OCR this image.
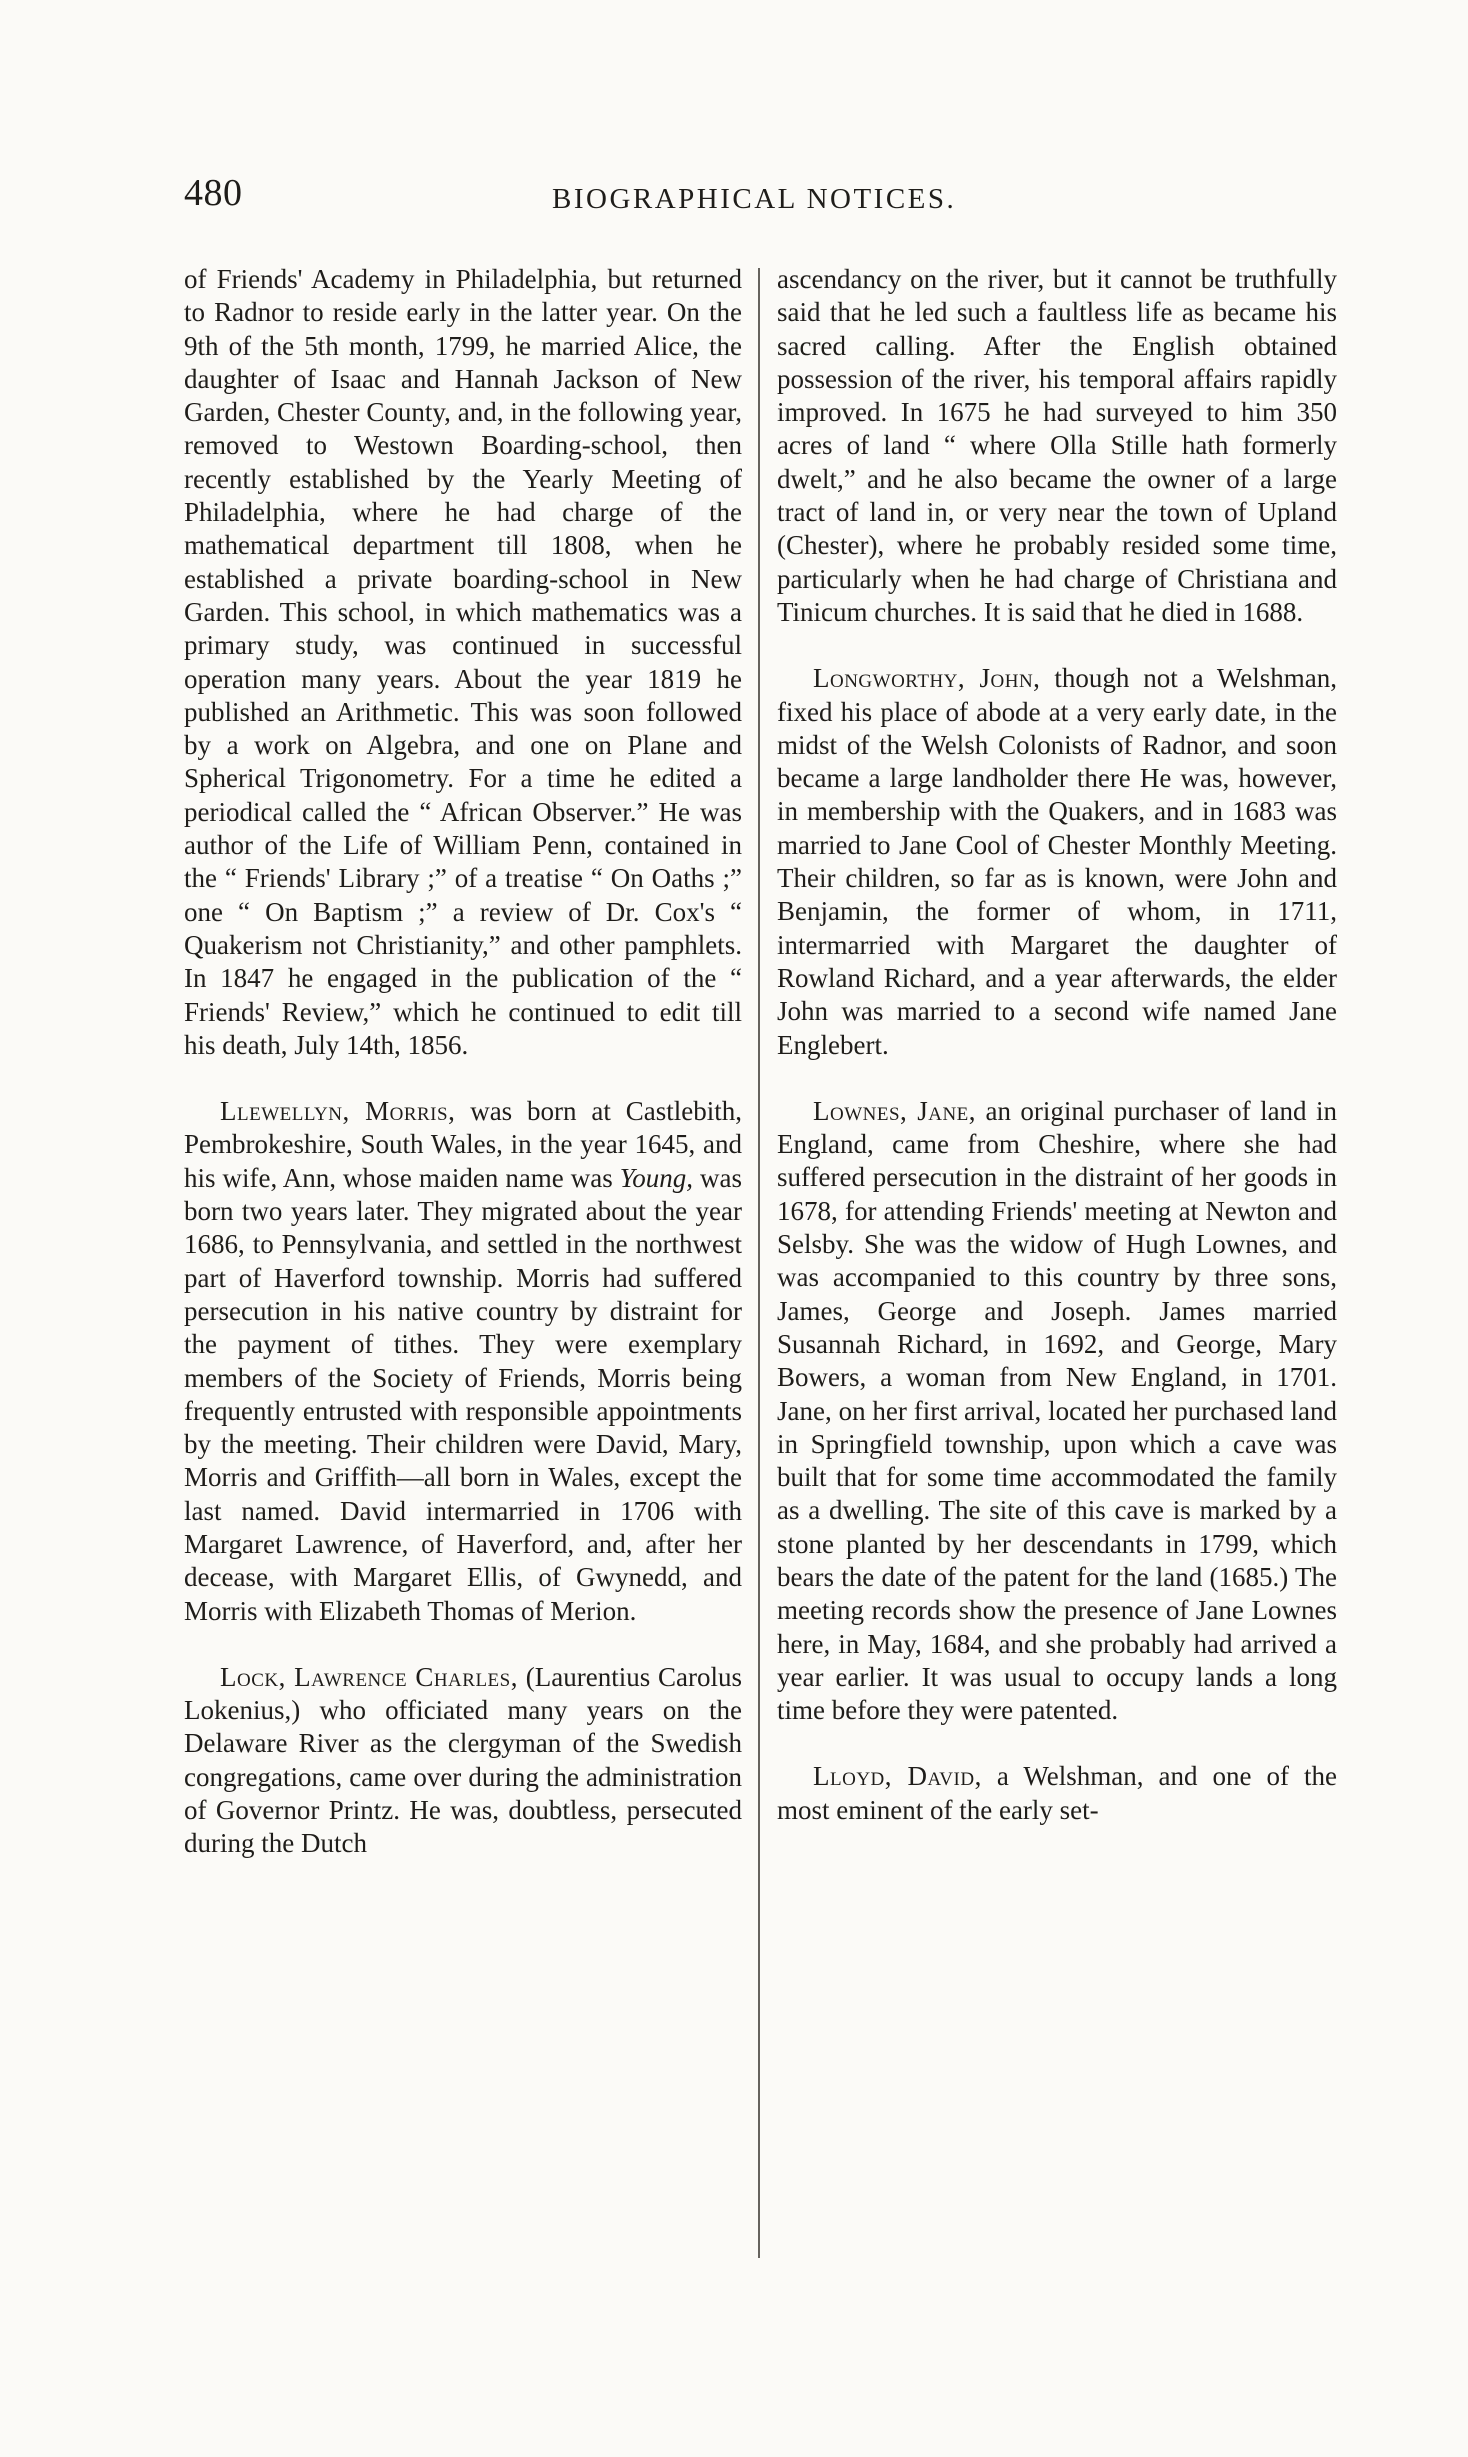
480	BIOGRAPHICAL NOTICES.

of Friends' Academy in Philadelphia, but returned to Radnor to reside early in the latter year. On the 9th of the 5th month, 1799, he married Alice, the daughter of Isaac and Hannah Jackson of New Garden, Chester County, and, in the following year, removed to Westown Boarding-school, then recently established by the Yearly Meeting of Philadelphia, where he had charge of the mathematical department till 1808, when he established a private boarding-school in New Garden. This school, in which mathematics was a primary study, was continued in successful operation many years. About the year 1819 he published an Arithmetic. This was soon followed by a work on Algebra, and one on Plane and Spherical Trigonometry. For a time he edited a periodical called the “ African Observer.” He was author of the Life of William Penn, contained in the “ Friends' Library ;” of a treatise “ On Oaths ;” one “ On Baptism ;” a review of Dr. Cox's “ Quakerism not Christianity,” and other pamphlets. In 1847 he engaged in the publication of the “ Friends' Review,” which he continued to edit till his death, July 14th, 1856.

Llewellyn, Morris, was born at Castlebith, Pembrokeshire, South Wales, in the year 1645, and his wife, Ann, whose maiden name was Young, was born two years later. They migrated about the year 1686, to Pennsylvania, and settled in the northwest part of Haverford township. Morris had suffered persecution in his native country by distraint for the payment of tithes. They were exemplary members of the Society of Friends, Morris being frequently entrusted with responsible appointments by the meeting. Their children were David, Mary, Morris and Griffith—all born in Wales, except the last named. David intermarried in 1706 with Margaret Lawrence, of Haverford, and, after her decease, with Margaret Ellis, of Gwynedd, and Morris with Elizabeth Thomas of Merion.

Lock, Lawrence Charles, (Laurentius Carolus Lokenius,) who officiated many years on the Delaware River as the clergyman of the Swedish congregations, came over during the administration of Governor Printz. He was, doubtless, persecuted during the Dutch

ascendancy on the river, but it cannot be truthfully said that he led such a faultless life as became his sacred calling. After the English obtained possession of the river, his temporal affairs rapidly improved. In 1675 he had surveyed to him 350 acres of land “ where Olla Stille hath formerly dwelt,” and he also became the owner of a large tract of land in, or very near the town of Upland (Chester), where he probably resided some time, particularly when he had charge of Christiana and Tinicum churches. It is said that he died in 1688.

Longworthy, John, though not a Welshman, fixed his place of abode at a very early date, in the midst of the Welsh Colonists of Radnor, and soon became a large landholder there He was, however, in membership with the Quakers, and in 1683 was married to Jane Cool of Chester Monthly Meeting. Their children, so far as is known, were John and Benjamin, the former of whom, in 1711, intermarried with Margaret the daughter of Rowland Richard, and a year afterwards, the elder John was married to a second wife named Jane Englebert.

Lownes, Jane, an original purchaser of land in England, came from Cheshire, where she had suffered persecution in the distraint of her goods in 1678, for attending Friends' meeting at Newton and Selsby. She was the widow of Hugh Lownes, and was accompanied to this country by three sons, James, George and Joseph. James married Susannah Richard, in 1692, and George, Mary Bowers, a woman from New England, in 1701. Jane, on her first arrival, located her purchased land in Springfield township, upon which a cave was built that for some time accommodated the family as a dwelling. The site of this cave is marked by a stone planted by her descendants in 1799, which bears the date of the patent for the land (1685.) The meeting records show the presence of Jane Lownes here, in May, 1684, and she probably had arrived a year earlier. It was usual to occupy lands a long time before they were patented.

Lloyd, David, a Welshman, and one of the most eminent of the early set-
